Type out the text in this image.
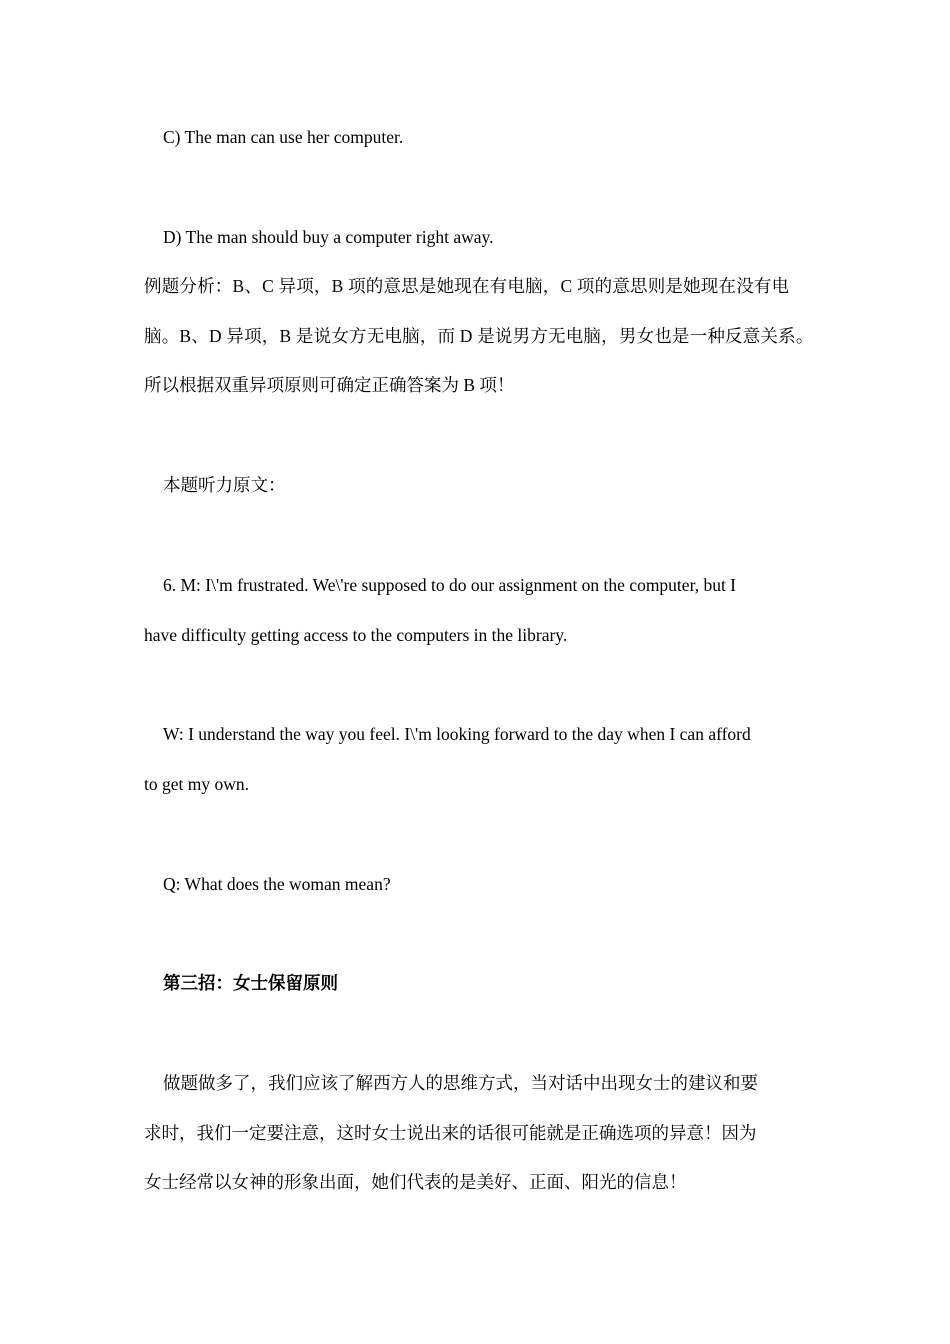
C) The man can use her computer.
D) The man should buy a computer right away.
例题分析：B、C 异项，B 项的意思是她现在有电脑，C 项的意思则是她现在没有电
脑。B、D 异项，B 是说女方无电脑，而 D 是说男方无电脑，男女也是一种反意关系。
所以根据双重异项原则可确定正确答案为 B 项！
本题听力原文：
6. M: I\'m frustrated. We\'re supposed to do our assignment on the computer, but I
have difficulty getting access to the computers in the library.
W: I understand the way you feel. I\'m looking forward to the day when I can afford
to get my own.
Q: What does the woman mean?
第三招：女士保留原则
做题做多了，我们应该了解西方人的思维方式，当对话中出现女士的建议和要
求时，我们一定要注意，这时女士说出来的话很可能就是正确选项的异意！因为
女士经常以女神的形象出面，她们代表的是美好、正面、阳光的信息！
